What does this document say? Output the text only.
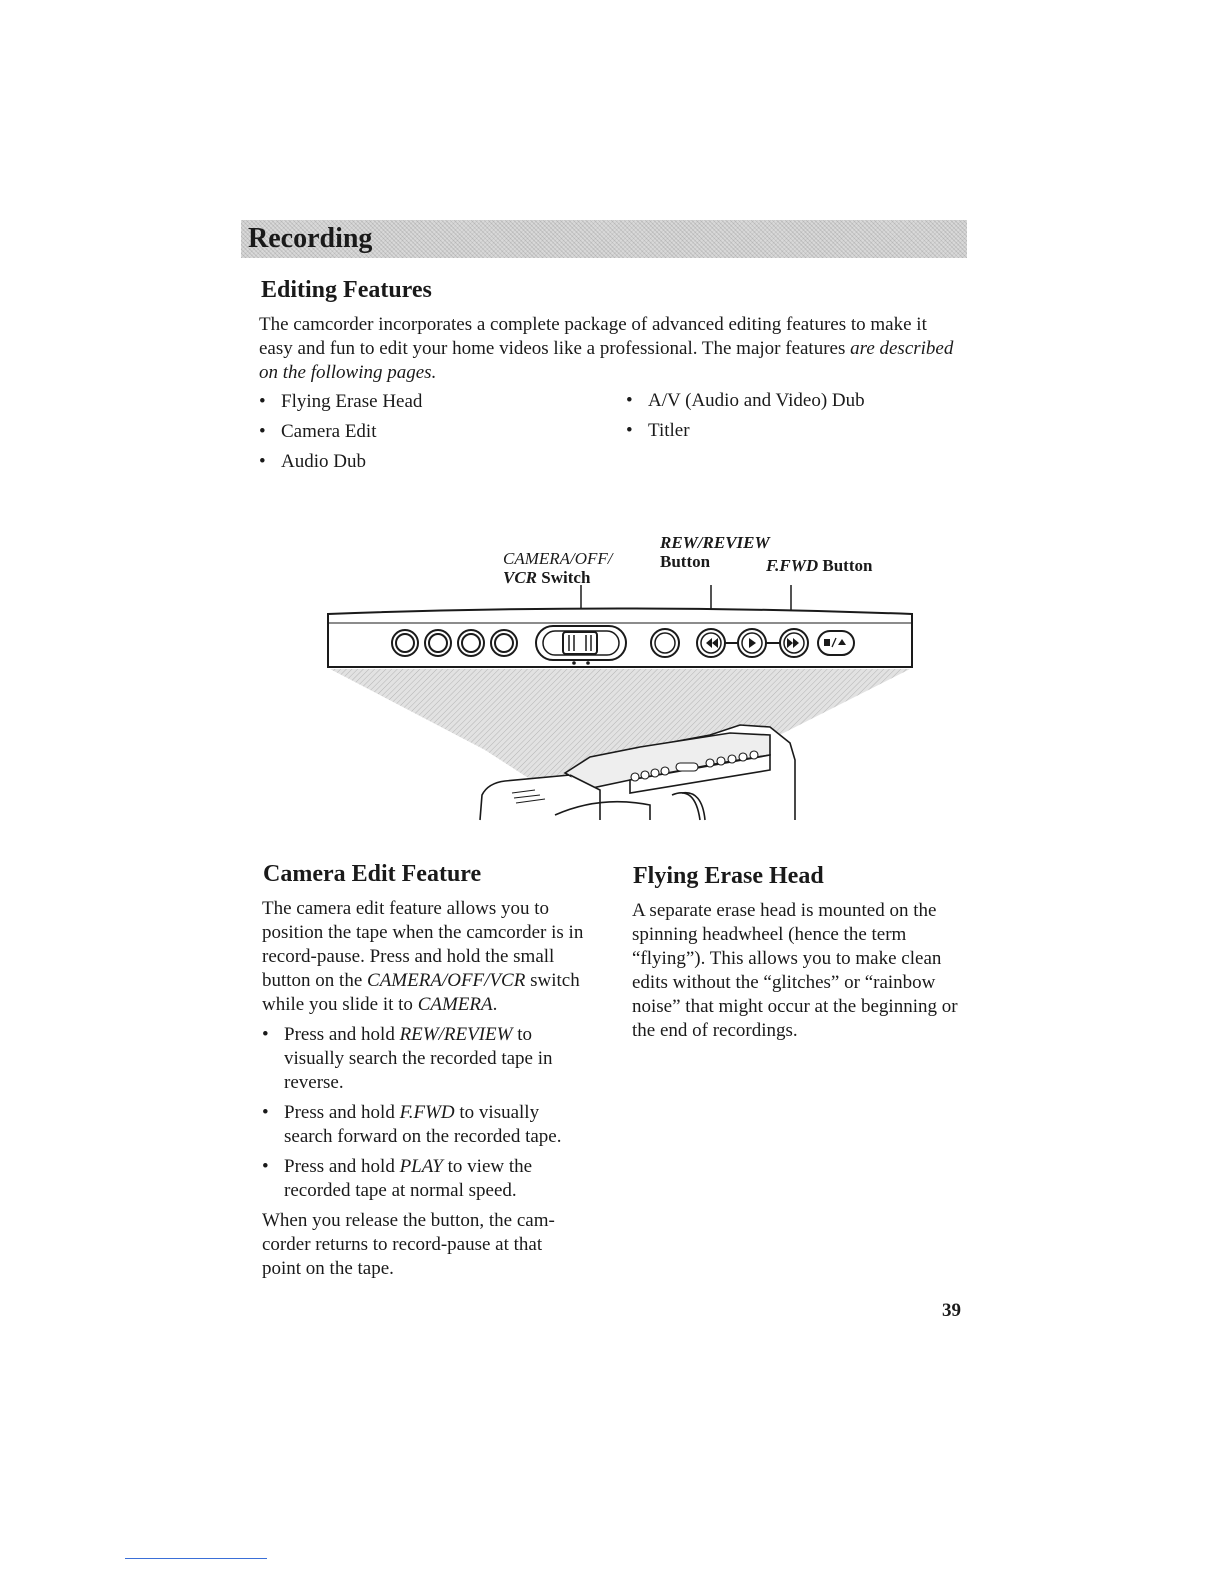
Recording
Editing Features
The camcorder incorporates a complete package of advanced editing features to make it easy and fun to edit your home videos like a professional. The major features are described on the following pages.
• Flying Erase Head
• Camera Edit
• Audio Dub
• A/V (Audio and Video) Dub
• Titler
CAMERA/OFF/
VCR Switch
REW/REVIEW
Button	F.FWD Button
Camera Edit Feature
The camera edit feature allows you to position the tape when the camcorder is in record-pause. Press and hold the small button on the CAMERA/OFF/VCR switch while you slide it to CAMERA.
• Press and hold REW/REVIEW to visually search the recorded tape in reverse.
• Press and hold F.FWD to visually search forward on the recorded tape.
• Press and hold PLAY to view the recorded tape at normal speed.
When you release the button, the cam-corder returns to record-pause at that point on the tape.
Flying Erase Head
A separate erase head is mounted on the spinning headwheel (hence the term “flying”). This allows you to make clean edits without the “glitches” or “rainbow noise” that might occur at the beginning or the end of recordings.
39
